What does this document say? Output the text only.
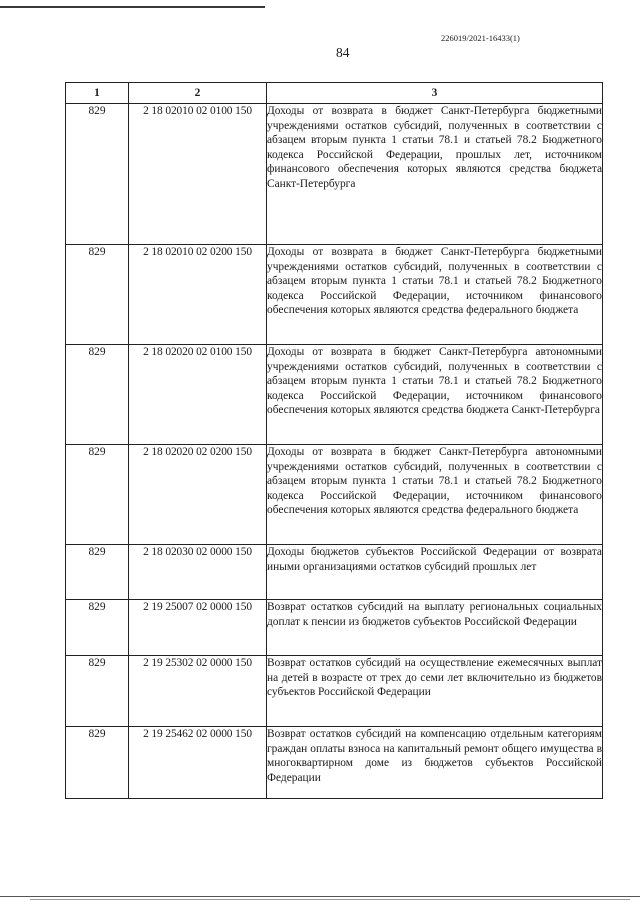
226019/2021-16433(1)
84
1	2	3
829	2 18 02010 02 0100 150	Доходы от возврата в бюджет Санкт-Петербурга бюджетными учреждениями остатков субсидий, полученных в соответствии с абзацем вторым пункта 1 статьи 78.1 и статьей 78.2 Бюджетного кодекса Российской Федерации, прошлых лет, источником финансового обеспечения которых являются средства бюджета Санкт-Петербурга
829	2 18 02010 02 0200 150	Доходы от возврата в бюджет Санкт-Петербурга бюджетными учреждениями остатков субсидий, полученных в соответствии с абзацем вторым пункта 1 статьи 78.1 и статьей 78.2 Бюджетного кодекса Российской Федерации, источником финансового обеспечения которых являются средства федерального бюджета
829	2 18 02020 02 0100 150	Доходы от возврата в бюджет Санкт-Петербурга автономными учреждениями остатков субсидий, полученных в соответствии с абзацем вторым пункта 1 статьи 78.1 и статьей 78.2 Бюджетного кодекса Российской Федерации, источником финансового обеспечения которых являются средства бюджета Санкт-Петербурга
829	2 18 02020 02 0200 150	Доходы от возврата в бюджет Санкт-Петербурга автономными учреждениями остатков субсидий, полученных в соответствии с абзацем вторым пункта 1 статьи 78.1 и статьей 78.2 Бюджетного кодекса Российской Федерации, источником финансового обеспечения которых являются средства федерального бюджета
829	2 18 02030 02 0000 150	Доходы бюджетов субъектов Российской Федерации от возврата иными организациями остатков субсидий прошлых лет
829	2 19 25007 02 0000 150	Возврат остатков субсидий на выплату региональных социальных доплат к пенсии из бюджетов субъектов Российской Федерации
829	2 19 25302 02 0000 150	Возврат остатков субсидий на осуществление ежемесячных выплат на детей в возрасте от трех до семи лет включительно из бюджетов субъектов Российской Федерации
829	2 19 25462 02 0000 150	Возврат остатков субсидий на компенсацию отдельным категориям граждан оплаты взноса на капитальный ремонт общего имущества в многоквартирном доме из бюджетов субъектов Российской Федерации
